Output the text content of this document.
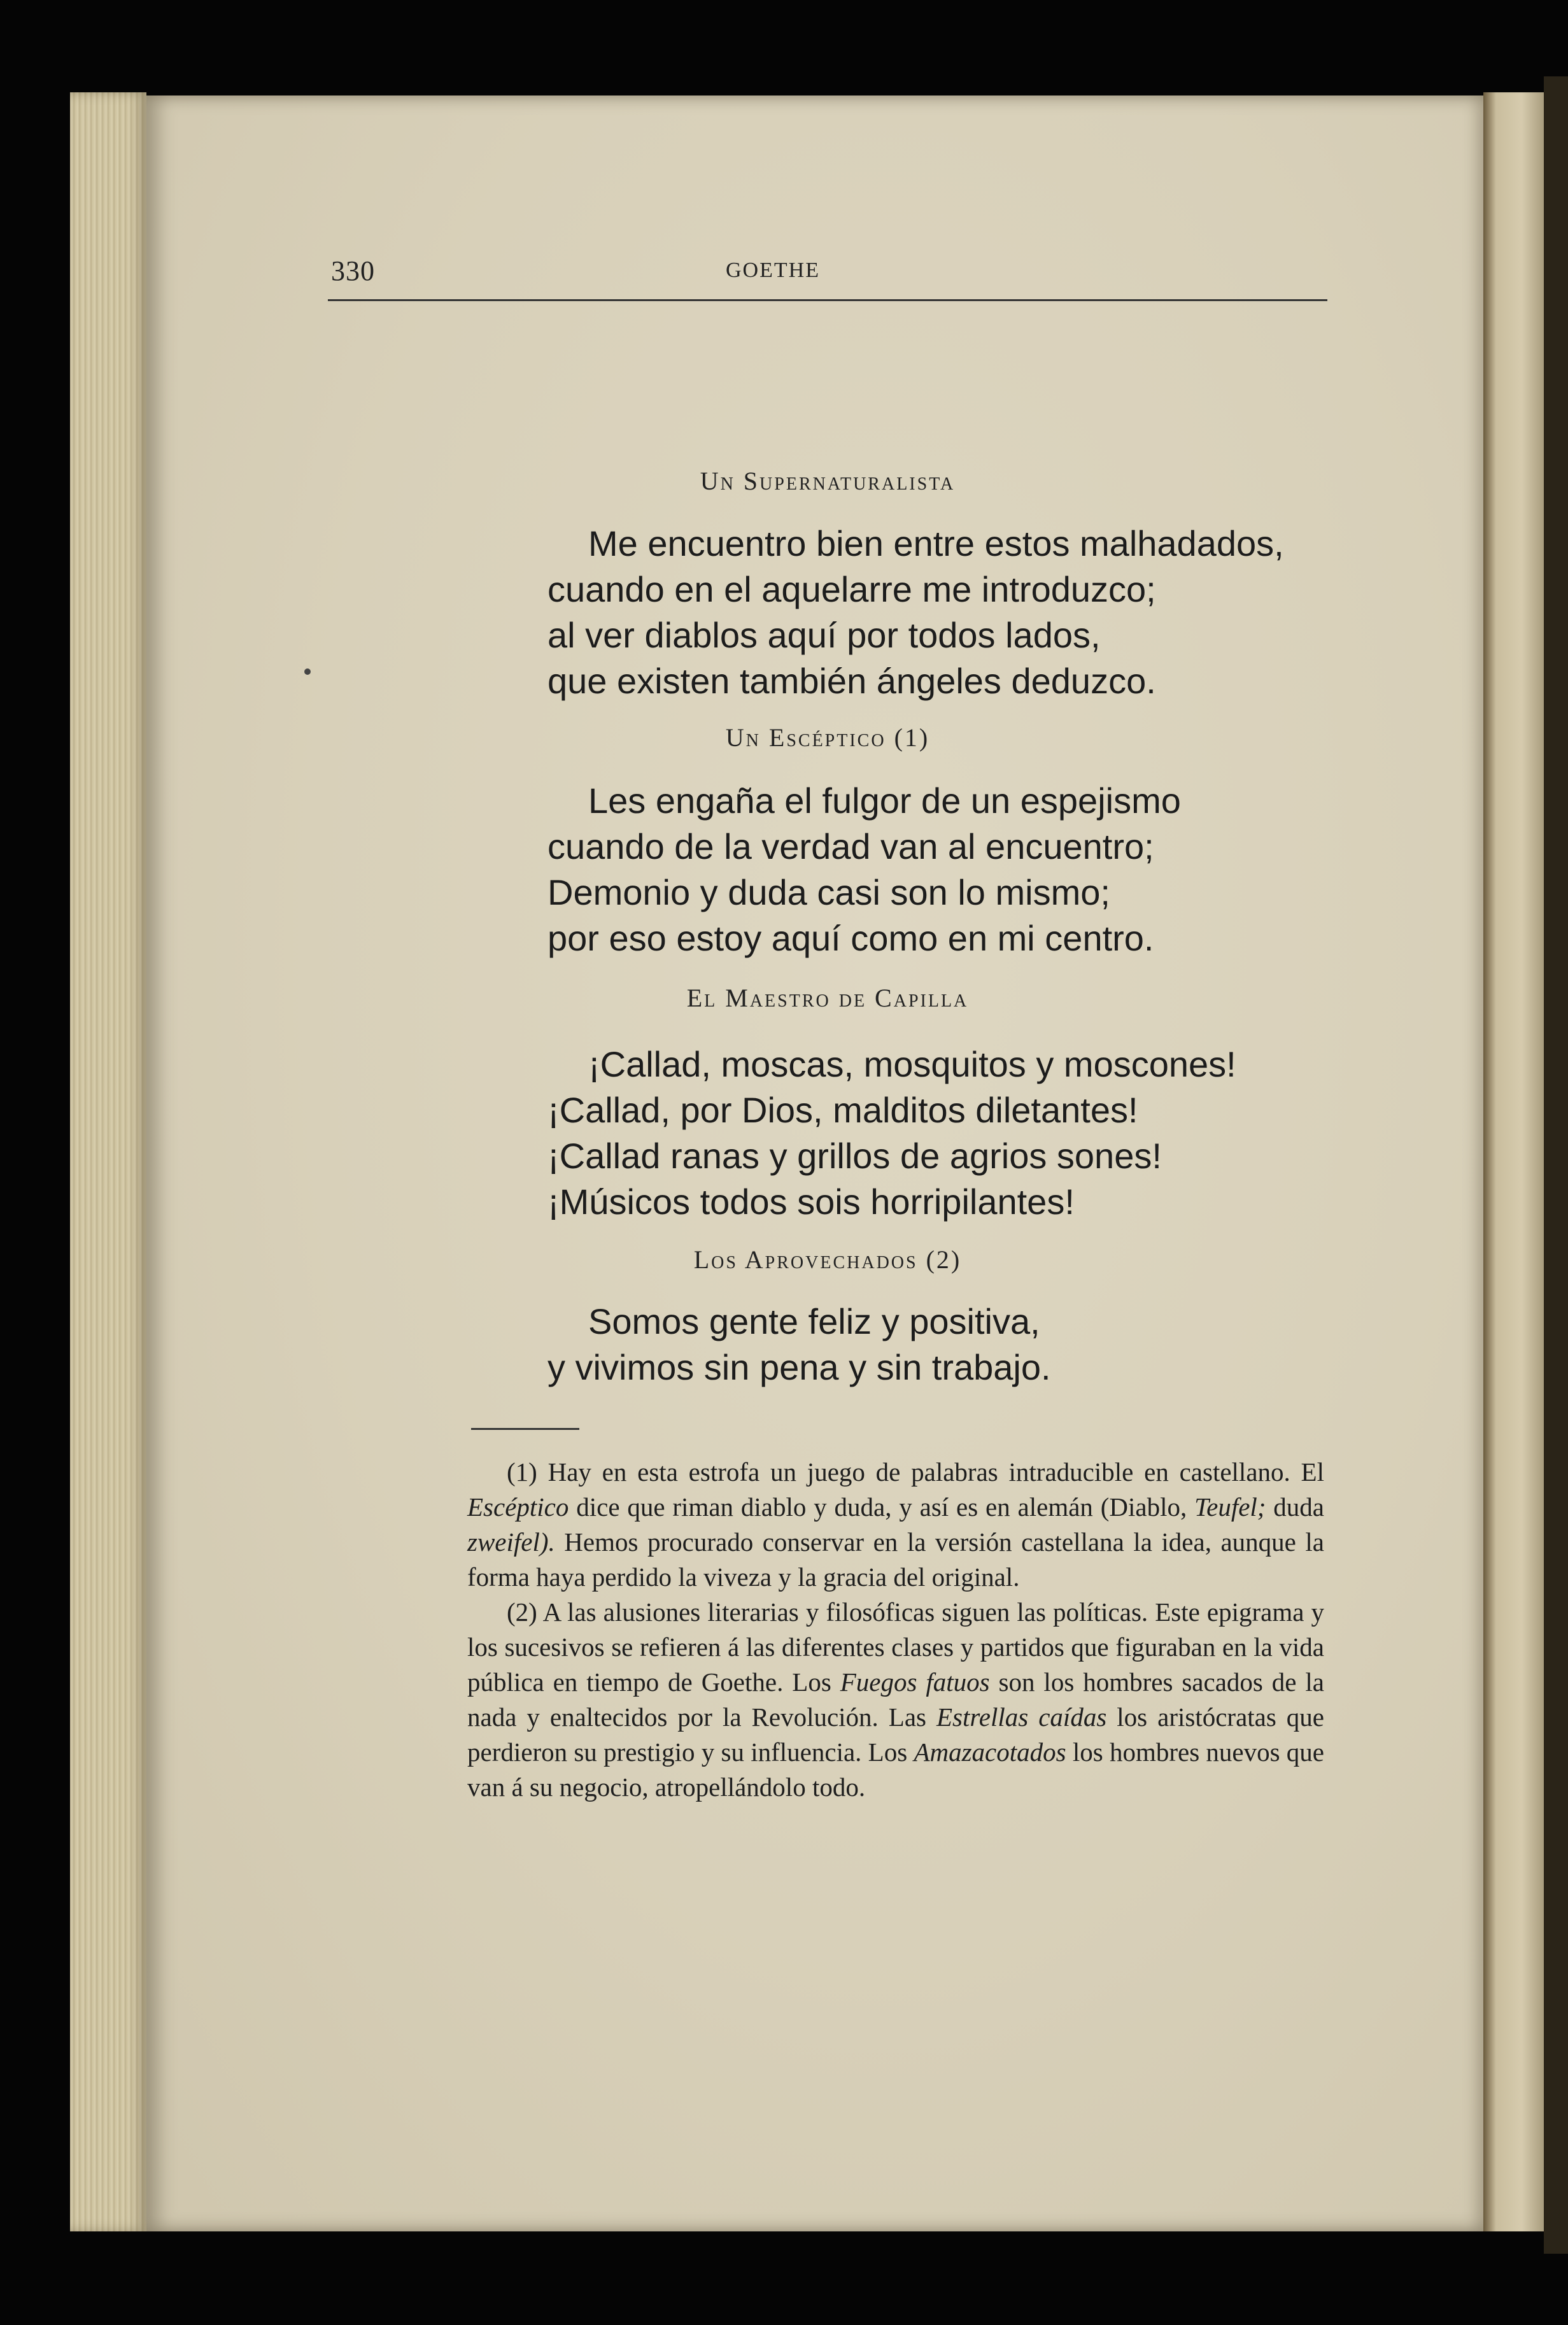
330	GOETHE
Un Supernaturalista
Me encuentro bien entre estos malhadados,
cuando en el aquelarre me introduzco;
al ver diablos aquí por todos lados,
que existen también ángeles deduzco.
Un Escéptico (1)
Les engaña el fulgor de un espejismo
cuando de la verdad van al encuentro;
Demonio y duda casi son lo mismo;
por eso estoy aquí como en mi centro.
El Maestro de Capilla
¡Callad, moscas, mosquitos y moscones!
¡Callad, por Dios, malditos diletantes!
¡Callad ranas y grillos de agrios sones!
¡Músicos todos sois horripilantes!
Los Aprovechados (2)
Somos gente feliz y positiva,
y vivimos sin pena y sin trabajo.

(1) Hay en esta estrofa un juego de palabras intraducible en castellano. El Escéptico dice que riman diablo y duda, y así es en alemán (Diablo, Teufel; duda zweifel). Hemos procurado conservar en la versión castellana la idea, aunque la forma haya perdido la viveza y la gracia del original.

(2) A las alusiones literarias y filosóficas siguen las políticas. Este epigrama y los sucesivos se refieren á las diferentes clases y partidos que figuraban en la vida pública en tiempo de Goethe. Los Fuegos fatuos son los hombres sacados de la nada y enaltecidos por la Revolución. Las Estrellas caídas los aristócratas que perdieron su prestigio y su influencia. Los Amazacotados los hombres nuevos que van á su negocio, atropellándolo todo.
